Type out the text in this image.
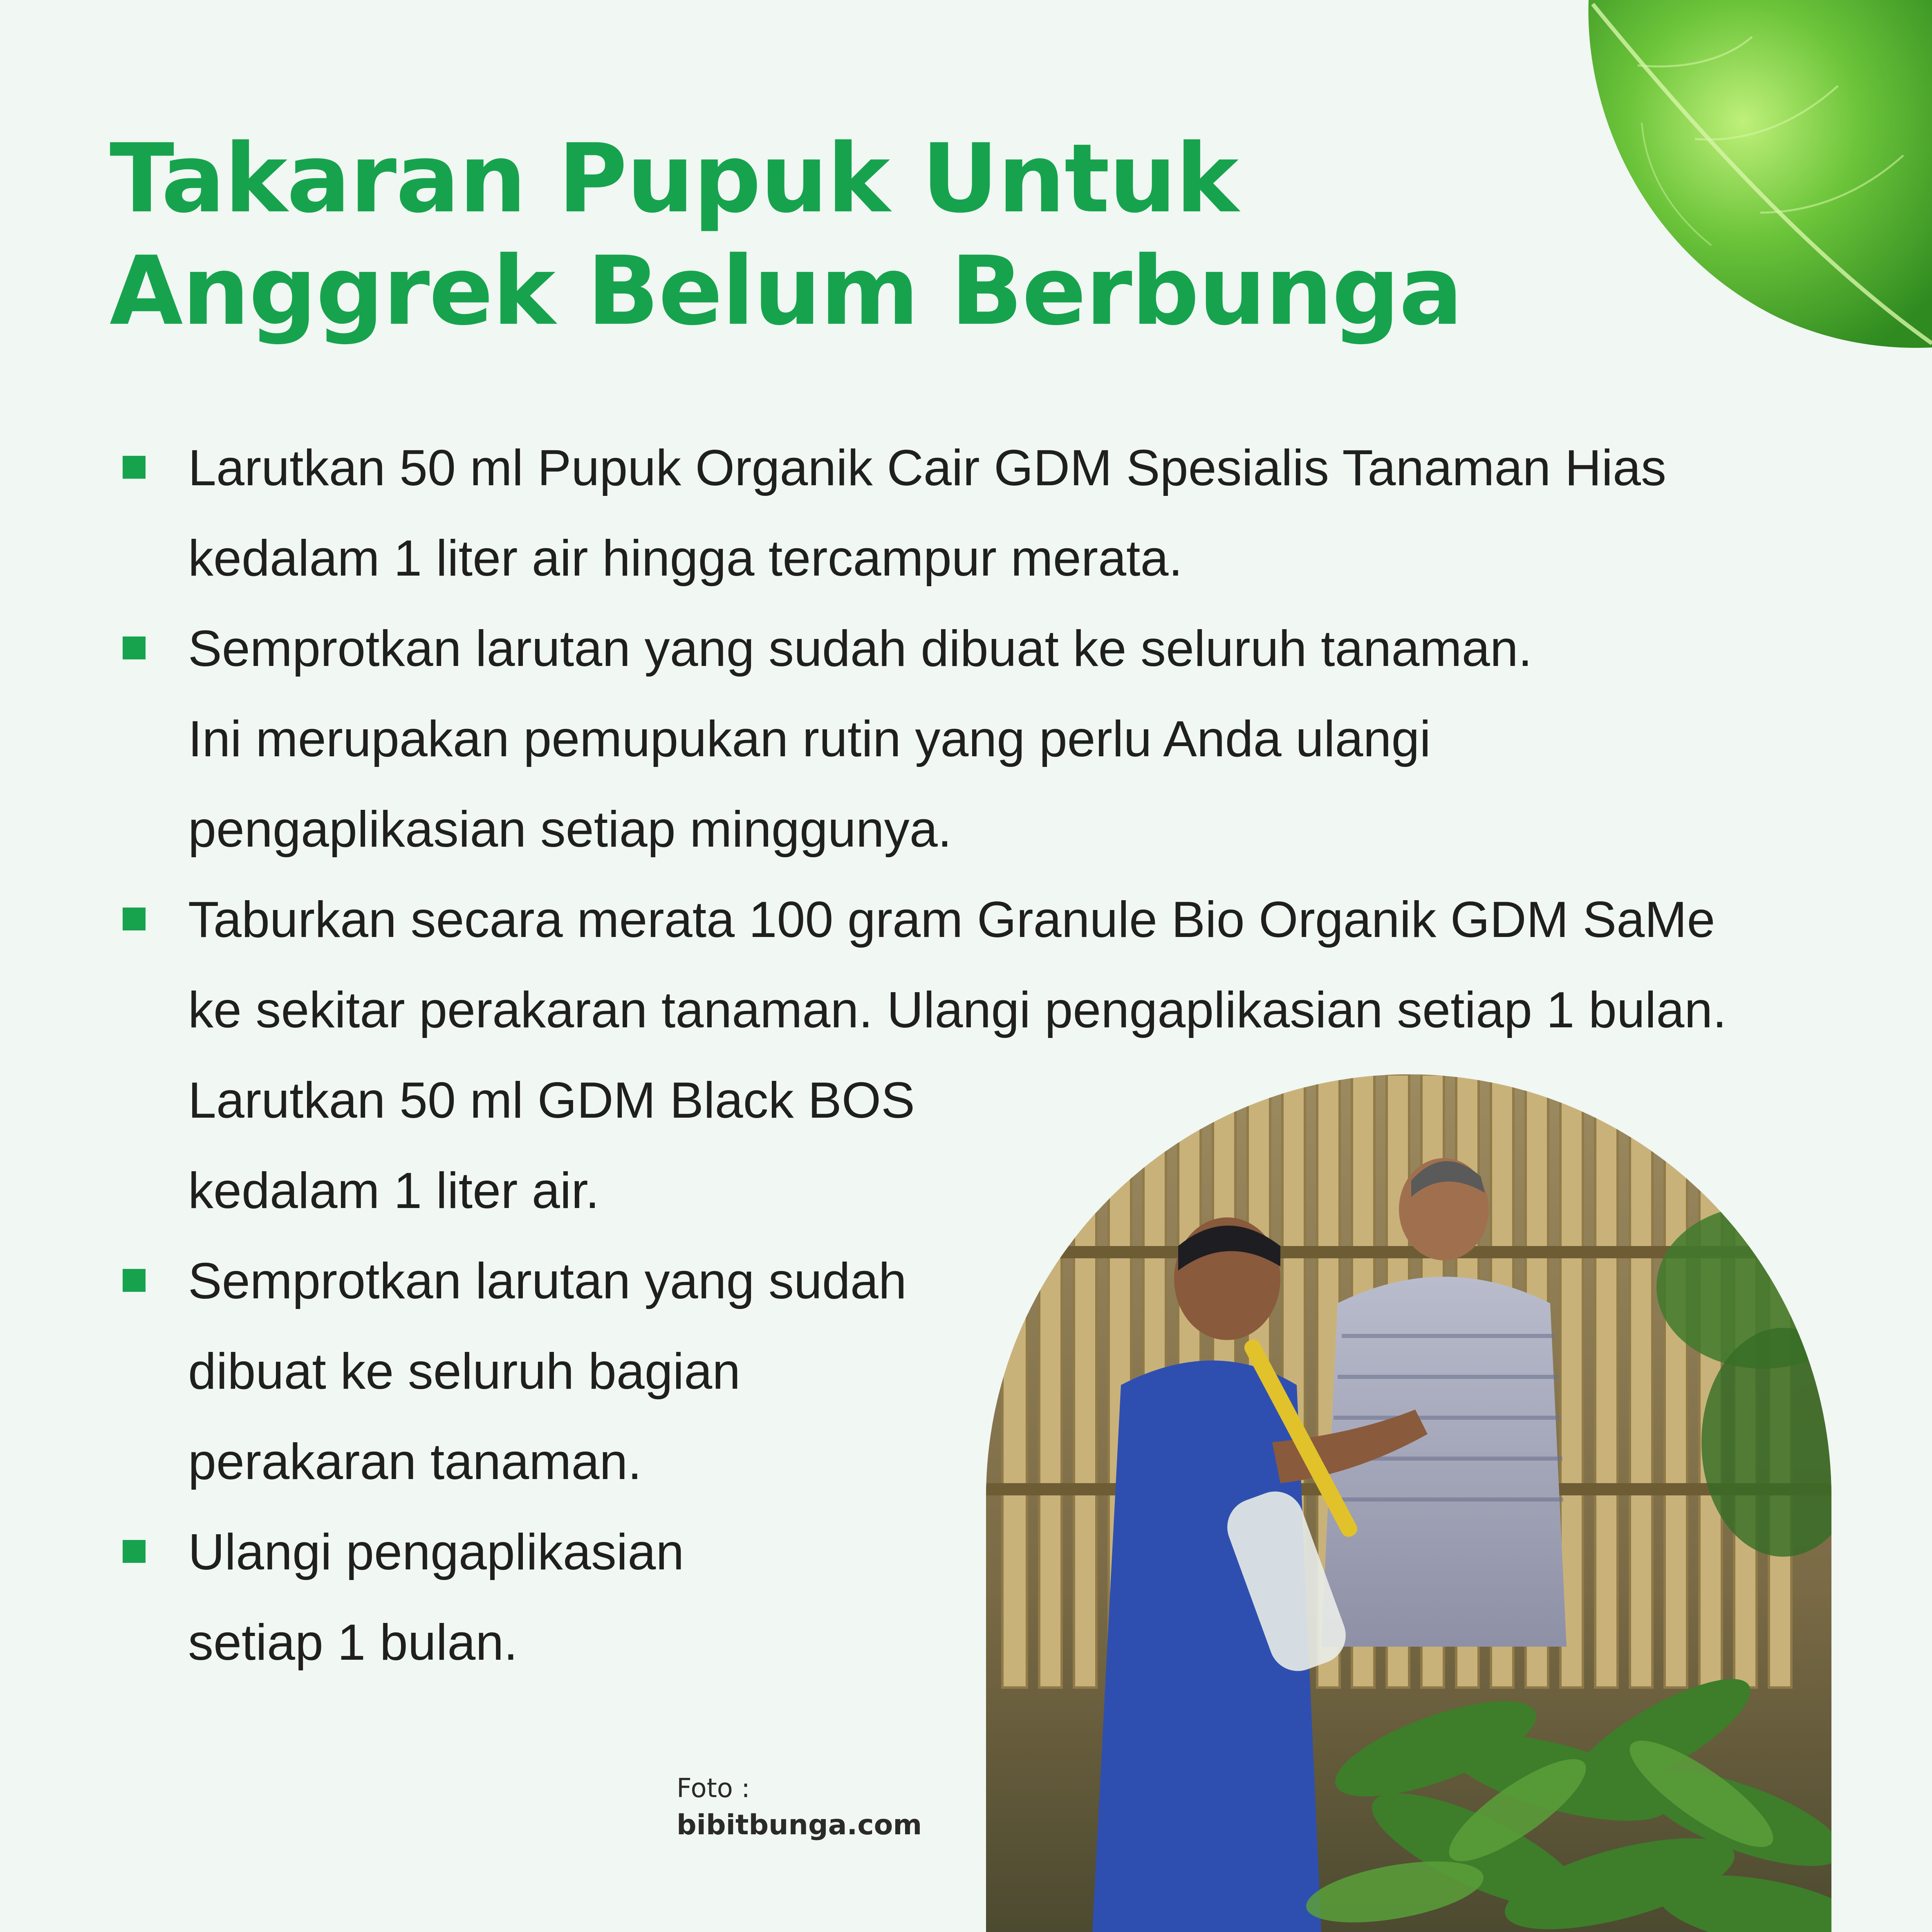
Takaran Pupuk Untuk
Anggrek Belum Berbunga
Larutkan 50 ml Pupuk Organik Cair GDM Spesialis Tanaman Hias
kedalam 1 liter air hingga tercampur merata.
Semprotkan larutan yang sudah dibuat ke seluruh tanaman.
Ini merupakan pemupukan rutin yang perlu Anda ulangi
pengaplikasian setiap minggunya.
Taburkan secara merata 100 gram Granule Bio Organik GDM SaMe
ke sekitar perakaran tanaman. Ulangi pengaplikasian setiap 1 bulan.
Larutkan 50 ml GDM Black BOS
kedalam 1 liter air.
Semprotkan larutan yang sudah
dibuat ke seluruh bagian
perakaran tanaman.
Ulangi pengaplikasian
setiap 1 bulan.
Foto :
bibitbunga.com
